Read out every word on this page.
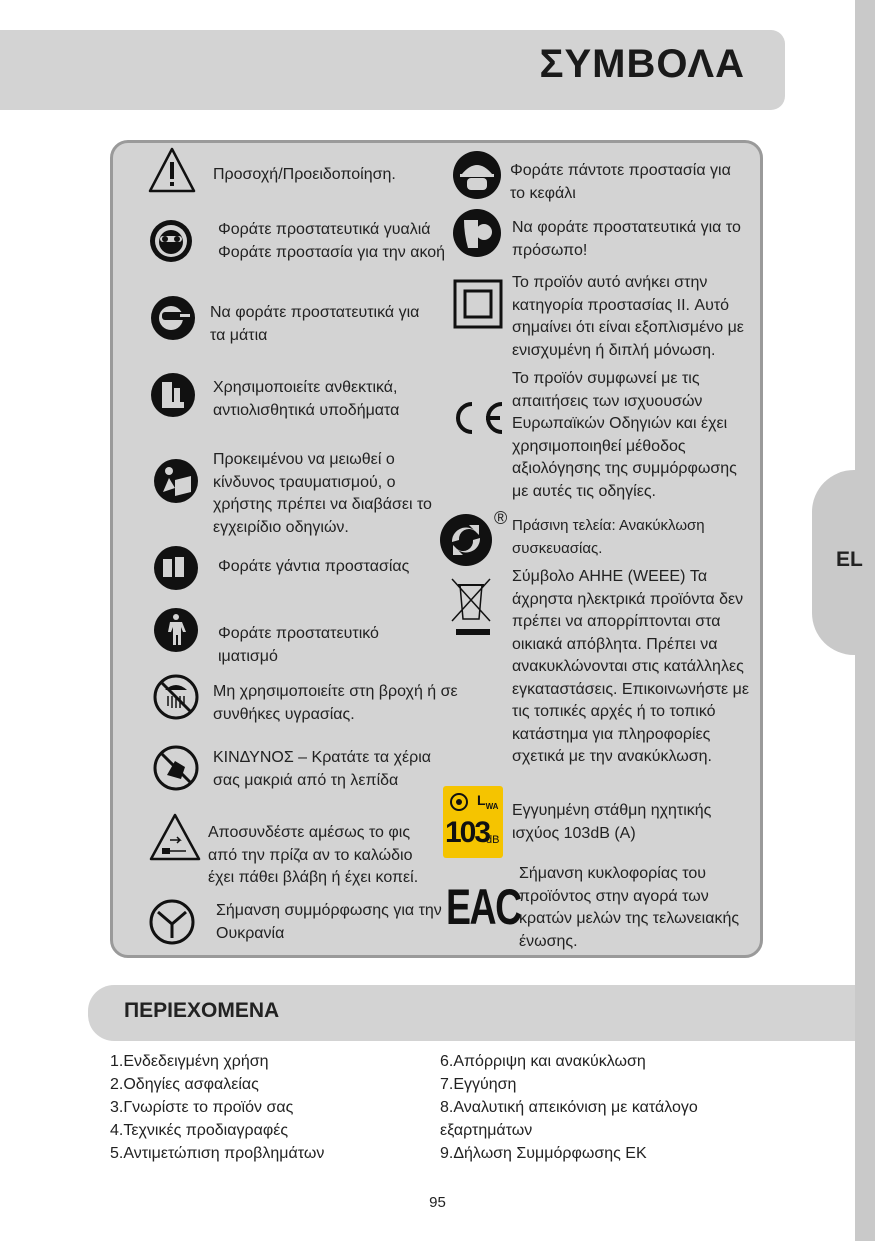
EL
ΣΥΜΒΟΛΑ
Προσοχή/Προειδοποίηση.
Φοράτε προστατευτικά γυαλιά
Φοράτε προστασία για την ακοή
Να φοράτε προστατευτικά για τα μάτια
Χρησιμοποιείτε ανθεκτικά, αντιολισθητικά υποδήματα
Προκειμένου να μειωθεί ο κίνδυνος τραυματισμού, ο χρήστης πρέπει να διαβάσει το εγχειρίδιο οδηγιών.
Φοράτε γάντια προστασίας
Φοράτε προστατευτικό ιματισμό
Μη χρησιμοποιείτε στη βροχή ή σε συνθήκες υγρασίας.
ΚΙΝΔΥΝΟΣ – Κρατάτε τα χέρια σας μακριά από τη λεπίδα
Αποσυνδέστε αμέσως το φις από την πρίζα αν το καλώδιο έχει πάθει βλάβη ή έχει κοπεί.
Σήμανση συμμόρφωσης για την Ουκρανία
Φοράτε πάντοτε προστασία για το κεφάλι
Να φοράτε προστατευτικά για το πρόσωπο!
Το προϊόν αυτό ανήκει στην κατηγορία προστασίας II. Αυτό σημαίνει ότι είναι εξοπλισμένο με ενισχυμένη ή διπλή μόνωση.
Το προϊόν συμφωνεί με τις απαιτήσεις των ισχυουσών Ευρωπαϊκών Οδηγιών και έχει χρησιμοποιηθεί μέθοδος αξιολόγησης της συμμόρφωσης με αυτές τις οδηγίες.
® Πράσινη τελεία: Ανακύκλωση συσκευασίας.
Σύμβολο AHHE (WEEE) Τα άχρηστα ηλεκτρικά προϊόντα δεν πρέπει να απορρίπτονται στα οικιακά απόβλητα. Πρέπει να ανακυκλώνονται στις κατάλληλες εγκαταστάσεις. Επικοινωνήστε με τις τοπικές αρχές ή το τοπικό κατάστημα για πληροφορίες σχετικά με την ανακύκλωση.
$L_{WA}$
103
dB
Εγγυημένη στάθμη ηχητικής ισχύος 103dB (A)
EAC
Σήμανση κυκλοφορίας του προϊόντος στην αγορά των κρατών μελών της τελωνειακής ένωσης.
ΠΕΡΙΕΧΟΜΕΝΑ
1.Ενδεδειγμένη χρήση
2.Οδηγίες ασφαλείας
3.Γνωρίστε το προϊόν σας
4.Τεχνικές προδιαγραφές
5.Αντιμετώπιση προβλημάτων
6.Απόρριψη και ανακύκλωση
7.Εγγύηση
8.Αναλυτική απεικόνιση με κατάλογο
εξαρτημάτων
9.Δήλωση Συμμόρφωσης ΕΚ
95
